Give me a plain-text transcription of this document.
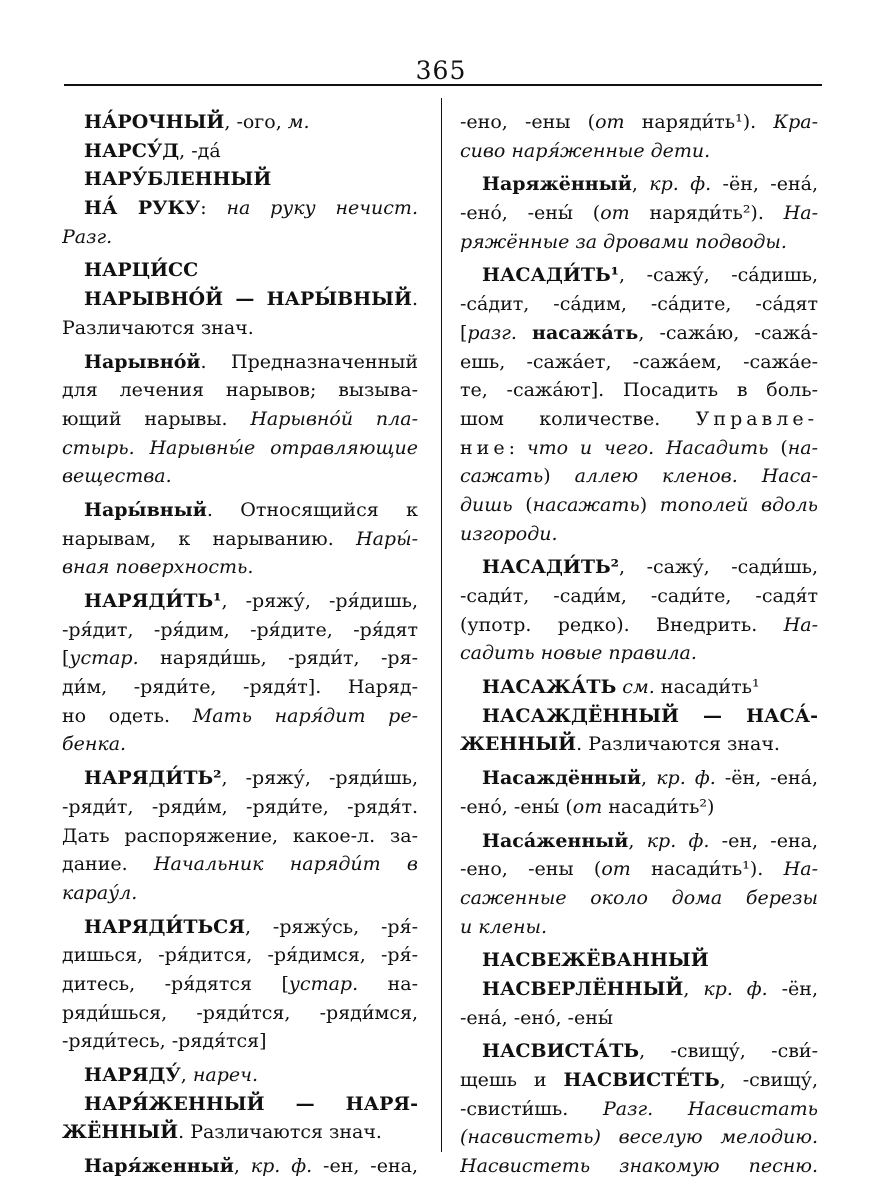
365
НА́РОЧНЫЙ, -ого, м.
НАРСУ́Д, -да́
НАРУ́БЛЕННЫЙ
НА́ РУКУ: на руку нечист.
Разг.
НАРЦИ́СС
НАРЫВНО́Й — НАРЫ́ВНЫЙ.
Различаются знач.
Нарывно́й. Предназначенный
для лечения нарывов; вызыва-
ющий нарывы. Нарывно́й пла-
стырь. Нарывны́е отравляющие
вещества.
Нары́вный. Относящийся к
нарывам, к нарыванию. Нары́-
вная поверхность.
НАРЯДИ́ТЬ¹, -ряжу́, -ря́дишь,
-ря́дит, -ря́дим, -ря́дите, -ря́дят
[устар. наряди́шь, -ряди́т, -ря-
ди́м, -ряди́те, -рядя́т]. Наряд-
но одеть. Мать наря́дит ре-
бенка.
НАРЯДИ́ТЬ², -ряжу́, -ряди́шь,
-ряди́т, -ряди́м, -ряди́те, -рядя́т.
Дать распоряжение, какое-л. за-
дание. Начальник наряди́т в
карау́л.
НАРЯДИ́ТЬСЯ, -ряжу́сь, -ря́-
дишься, -ря́дится, -ря́димся, -ря́-
дитесь, -ря́дятся [устар. на-
ряди́шься, -ряди́тся, -ряди́мся,
-ряди́тесь, -рядя́тся]
НАРЯДУ́, нареч.
НАРЯ́ЖЕННЫЙ — НАРЯ-
ЖЁННЫЙ. Различаются знач.
Наря́женный, кр. ф. -ен, -ена,
-ено, -ены (от наряди́ть¹). Кра-
сиво наря́женные дети.
Наряжённый, кр. ф. -ён, -ена́,
-ено́, -ены́ (от наряди́ть²). На-
ряжённые за дровами подводы.
НАСАДИ́ТЬ¹, -сажу́, -са́дишь,
-са́дит, -са́дим, -са́дите, -са́дят
[разг. насажа́ть, -сажа́ю, -сажа́-
ешь, -сажа́ет, -сажа́ем, -сажа́е-
те, -сажа́ют]. Посадить в боль-
шом количестве. Управле-
ние: что и чего. Насадить (на-
сажать) аллею кленов. Наса-
дишь (насажать) тополей вдоль
изгороди.
НАСАДИ́ТЬ², -сажу́, -сади́шь,
-сади́т, -сади́м, -сади́те, -садя́т
(употр. редко). Внедрить. На-
садить новые правила.
НАСАЖА́ТЬ см. насади́ть¹
НАСАЖДЁННЫЙ — НАСА́-
ЖЕННЫЙ. Различаются знач.
Насаждённый, кр. ф. -ён, -ена́,
-ено́, -ены́ (от насади́ть²)
Наса́женный, кр. ф. -ен, -ена,
-ено, -ены (от насади́ть¹). На-
саженные около дома березы
и клены.
НАСВЕЖЁВАННЫЙ
НАСВЕРЛЁННЫЙ, кр. ф. -ён,
-ена́, -ено́, -ены́
НАСВИСТА́ТЬ, -свищу́, -сви́-
щешь и НАСВИСТЕ́ТЬ, -свищу́,
-свисти́шь. Разг. Насвистать
(насвистеть) веселую мелодию.
Насвистеть знакомую песню.
